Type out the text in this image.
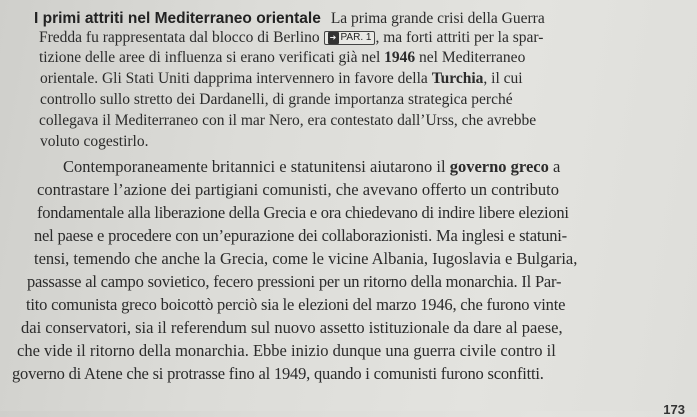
I primi attriti nel Mediterraneo orientale La prima grande crisi della Guerra
Fredda fu rappresentata dal blocco di Berlino ➜ PAR. 1 , ma forti attriti per la spar-
tizione delle aree di influenza si erano verificati già nel 1946 nel Mediterraneo
orientale. Gli Stati Uniti dapprima intervennero in favore della Turchia, il cui
controllo sullo stretto dei Dardanelli, di grande importanza strategica perché
collegava il Mediterraneo con il mar Nero, era contestato dall’Urss, che avrebbe
voluto cogestirlo.
Contemporaneamente britannici e statunitensi aiutarono il governo greco a
contrastare l’azione dei partigiani comunisti, che avevano offerto un contributo
fondamentale alla liberazione della Grecia e ora chiedevano di indire libere elezioni
nel paese e procedere con un’epurazione dei collaborazionisti. Ma inglesi e statuni-
tensi, temendo che anche la Grecia, come le vicine Albania, Iugoslavia e Bulgaria,
passasse al campo sovietico, fecero pressioni per un ritorno della monarchia. Il Par-
tito comunista greco boicottò perciò sia le elezioni del marzo 1946, che furono vinte
dai conservatori, sia il referendum sul nuovo assetto istituzionale da dare al paese,
che vide il ritorno della monarchia. Ebbe inizio dunque una guerra civile contro il
governo di Atene che si protrasse fino al 1949, quando i comunisti furono sconfitti.
173
